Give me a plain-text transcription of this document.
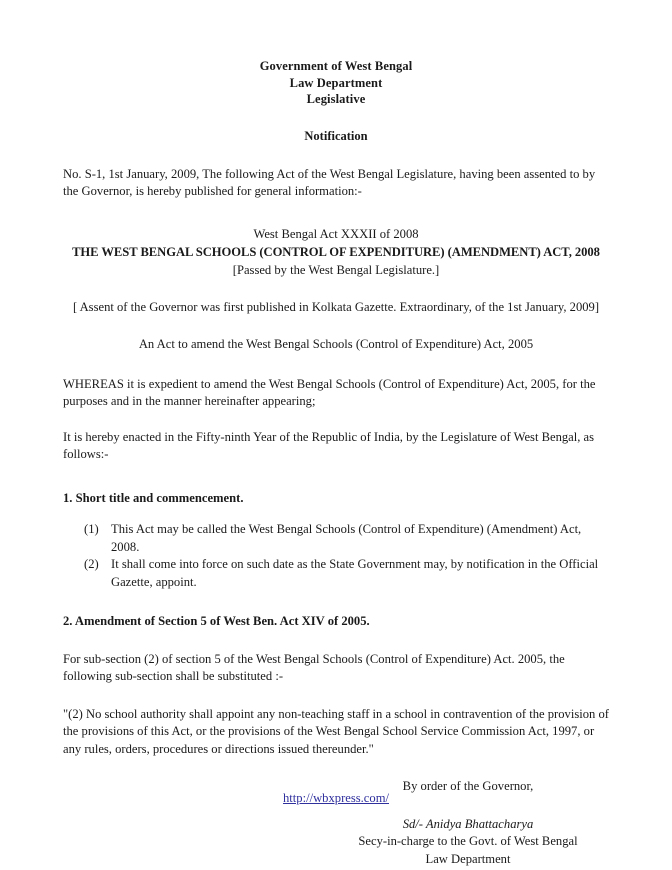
Government of West Bengal
Law Department
Legislative
Notification

No. S-1, 1st January, 2009, The following Act of the West Bengal Legislature, having been assented to by the Governor, is hereby published for general information:-

West Bengal Act XXXII of 2008
THE WEST BENGAL SCHOOLS (CONTROL OF EXPENDITURE) (AMENDMENT) ACT, 2008
[Passed by the West Bengal Legislature.]
[ Assent of the Governor was first published in Kolkata Gazette. Extraordinary, of the 1st January, 2009]
An Act to amend the West Bengal Schools (Control of Expenditure) Act, 2005

WHEREAS it is expedient to amend the West Bengal Schools (Control of Expenditure) Act, 2005, for the purposes and in the manner hereinafter appearing;

It is hereby enacted in the Fifty-ninth Year of the Republic of India, by the Legislature of West Bengal, as follows:-

1. Short title and commencement.

(1) This Act may be called the West Bengal Schools (Control of Expenditure) (Amendment) Act, 2008.
(2) It shall come into force on such date as the State Government may, by notification in the Official Gazette, appoint.

2. Amendment of Section 5 of West Ben. Act XIV of 2005.

For sub-section (2) of section 5 of the West Bengal Schools (Control of Expenditure) Act. 2005, the following sub-section shall be substituted :-

"(2) No school authority shall appoint any non-teaching staff in a school in contravention of the provision of the provisions of this Act, or the provisions of the West Bengal School Service Commission Act, 1997, or any rules, orders, procedures or directions issued thereunder."

By order of the Governor,
Sd/- Anidya Bhattacharya
Secy-in-charge to the Govt. of West Bengal
Law Department
http://wbxpress.com/
